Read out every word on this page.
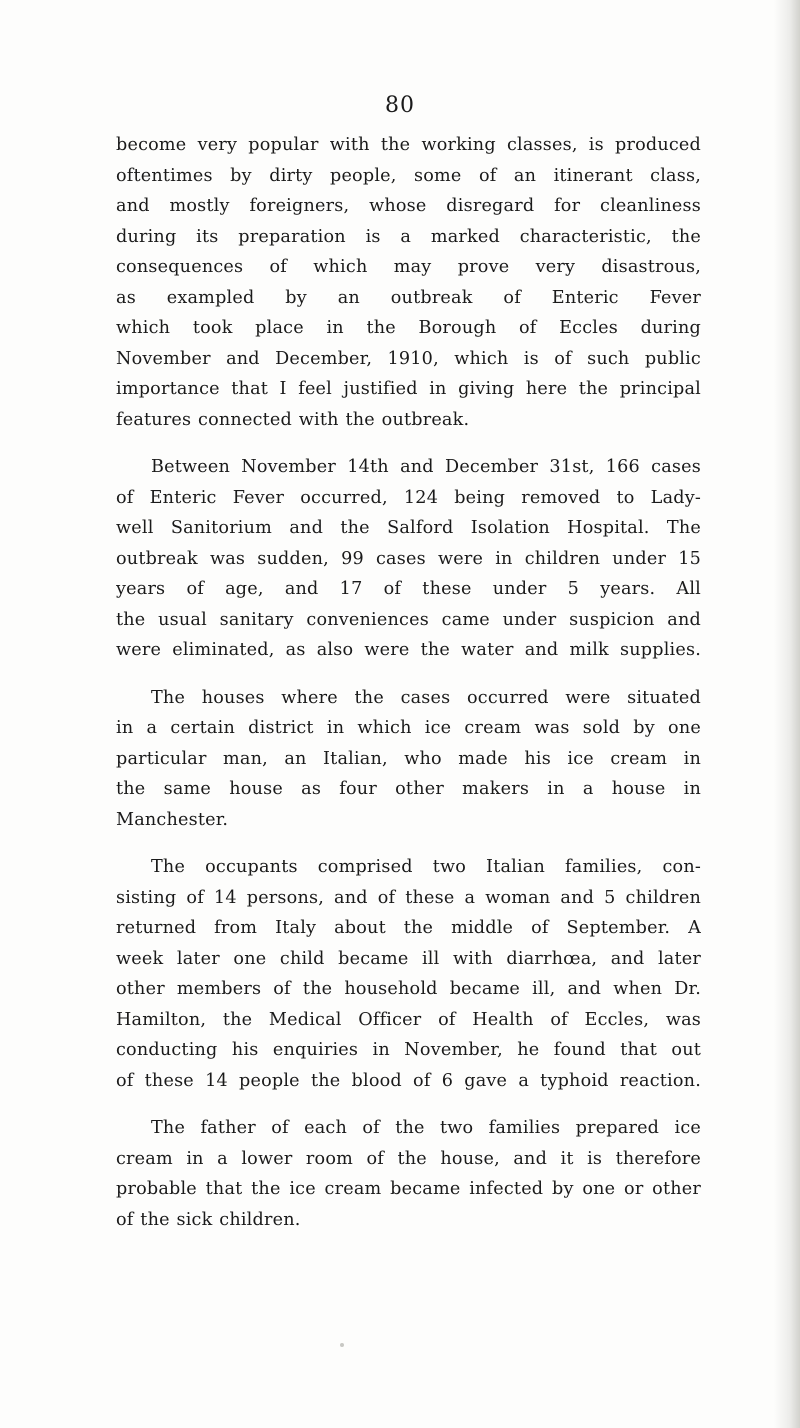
80

become very popular with the working classes, is produced
oftentimes by dirty people, some of an itinerant class,
and mostly foreigners, whose disregard for cleanliness
during its preparation is a marked characteristic, the
consequences of which may prove very disastrous,
as exampled by an outbreak of Enteric Fever
which took place in the Borough of Eccles during
November and December, 1910, which is of such public
importance that I feel justified in giving here the principal
features connected with the outbreak.

Between November 14th and December 31st, 166 cases
of Enteric Fever occurred, 124 being removed to Lady-
well Sanitorium and the Salford Isolation Hospital. The
outbreak was sudden, 99 cases were in children under 15
years of age, and 17 of these under 5 years. All
the usual sanitary conveniences came under suspicion and
were eliminated, as also were the water and milk supplies.

The houses where the cases occurred were situated
in a certain district in which ice cream was sold by one
particular man, an Italian, who made his ice cream in
the same house as four other makers in a house in
Manchester.

The occupants comprised two Italian families, con-
sisting of 14 persons, and of these a woman and 5 children
returned from Italy about the middle of September. A
week later one child became ill with diarrhœa, and later
other members of the household became ill, and when Dr.
Hamilton, the Medical Officer of Health of Eccles, was
conducting his enquiries in November, he found that out
of these 14 people the blood of 6 gave a typhoid reaction.

The father of each of the two families prepared ice
cream in a lower room of the house, and it is therefore
probable that the ice cream became infected by one or other
of the sick children.
